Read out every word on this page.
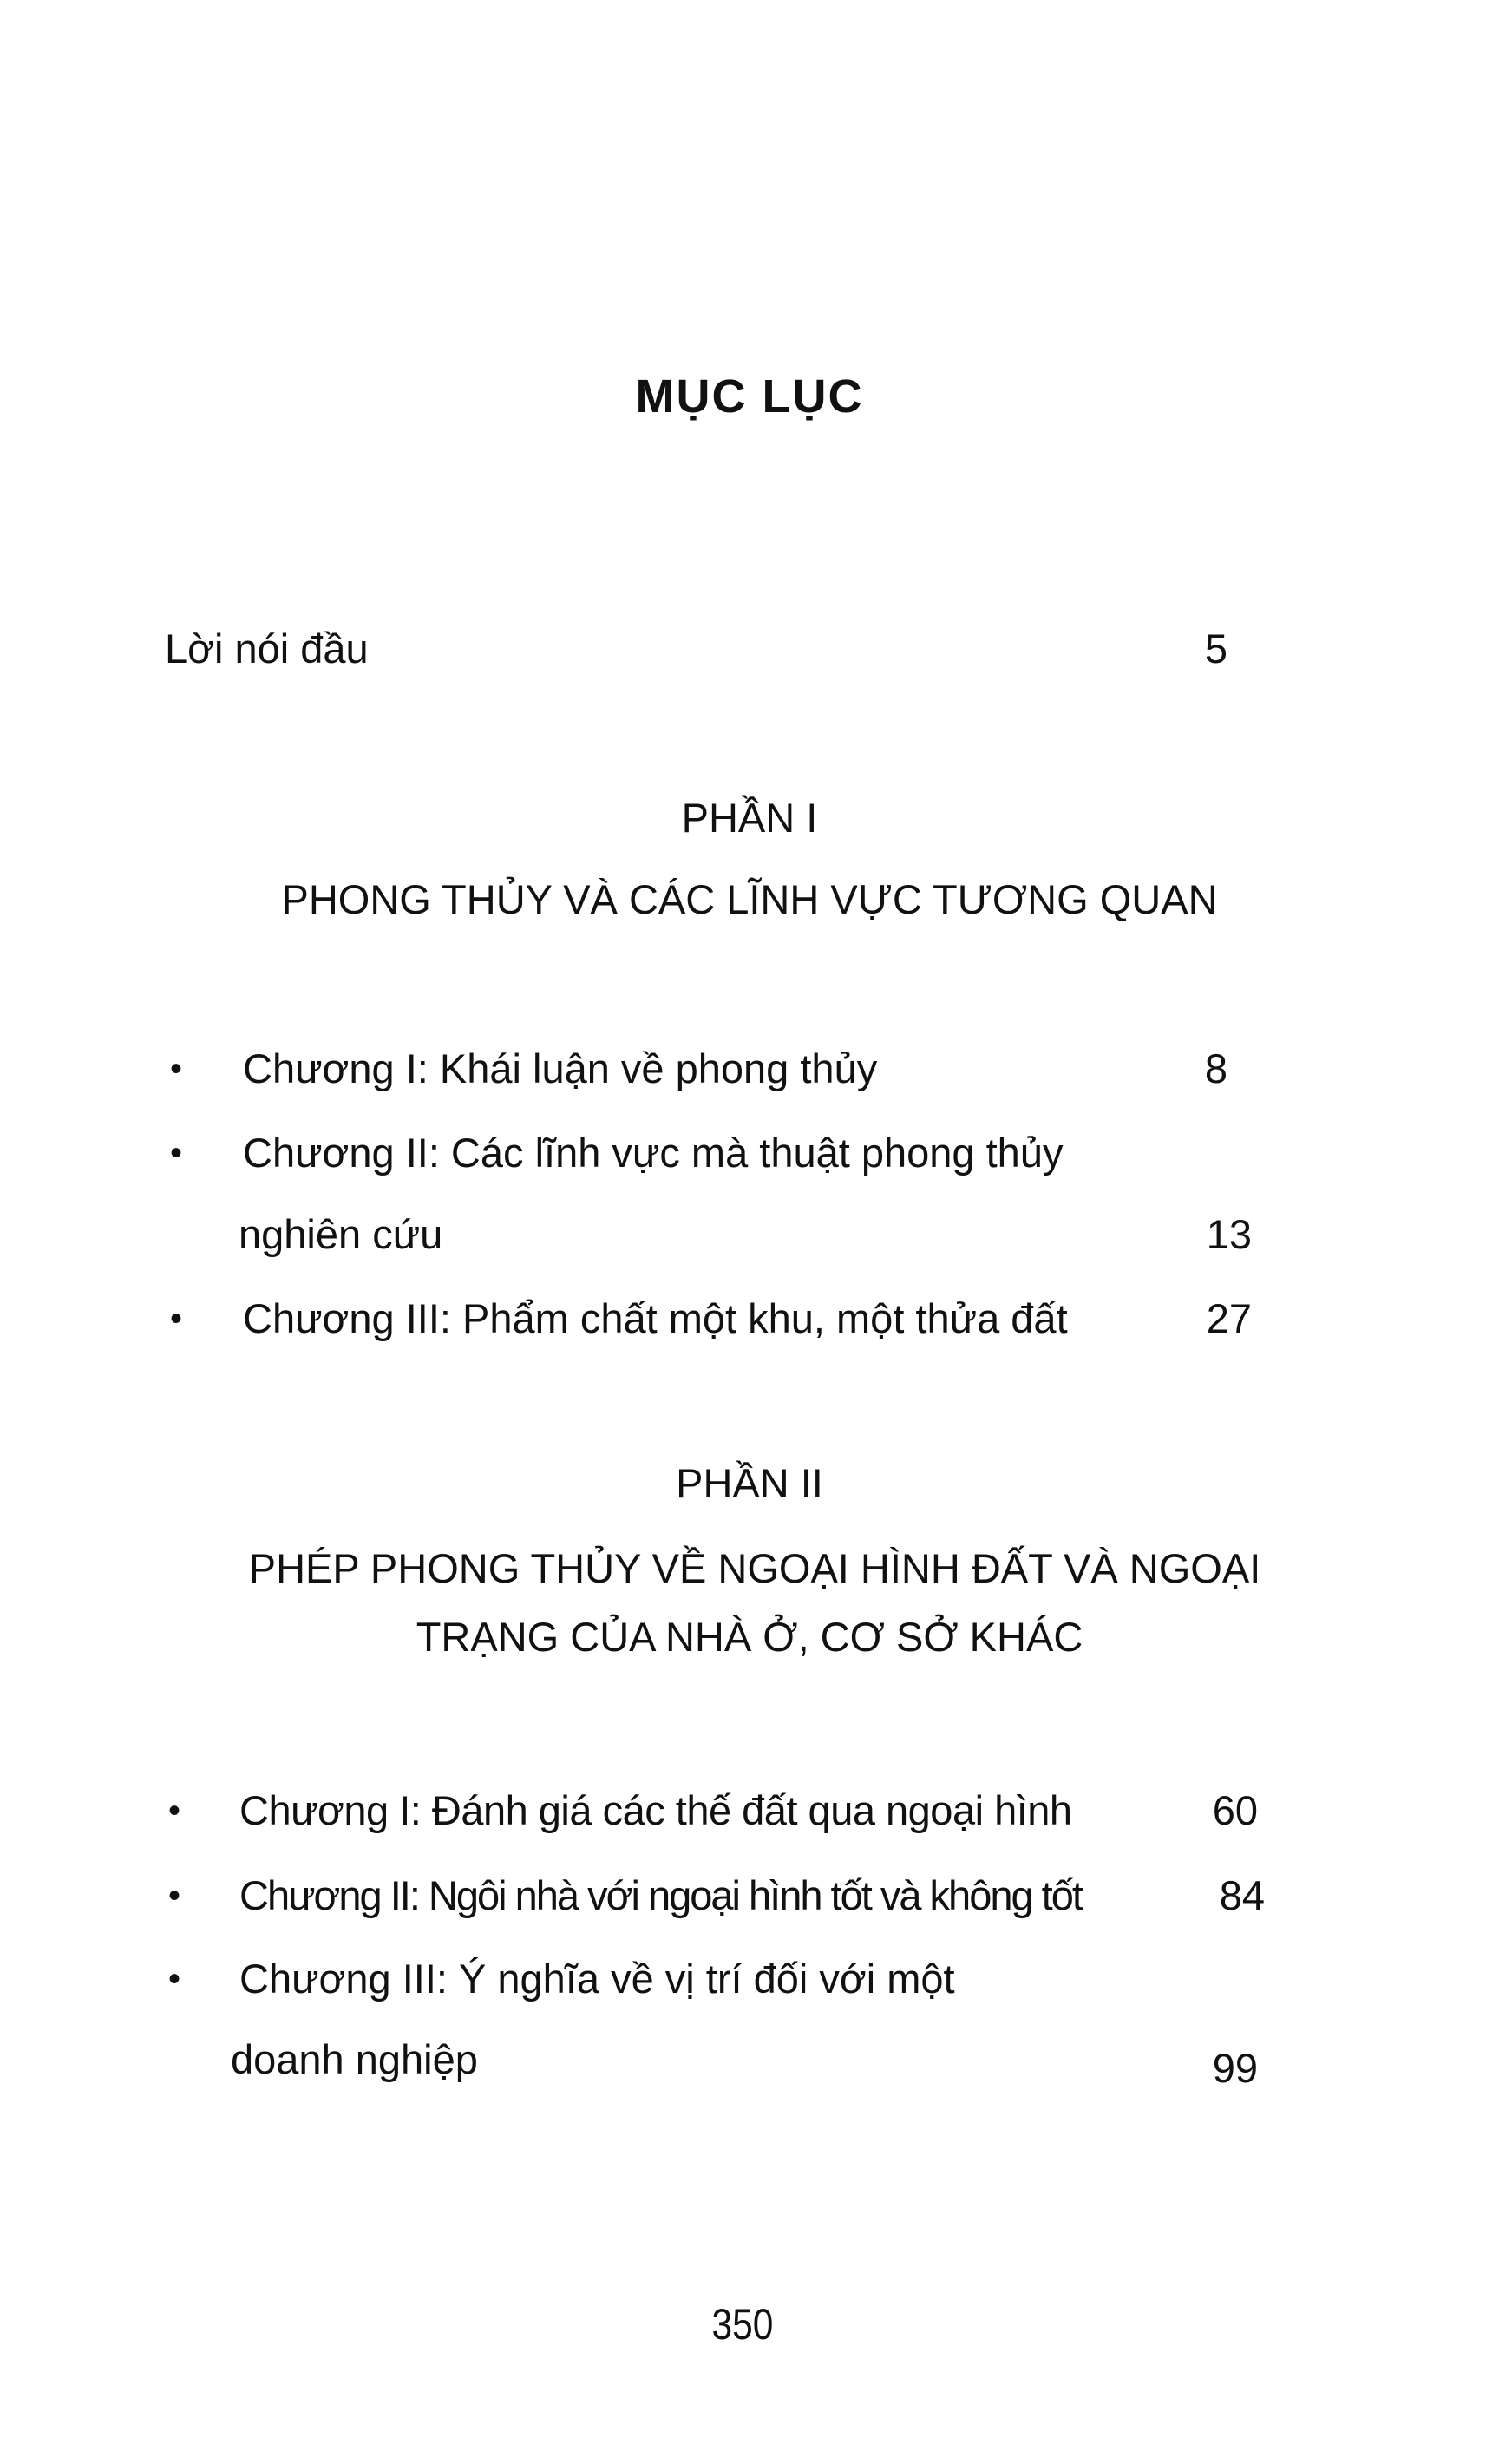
MỤC LỤC
Lời nói đầu	5
PHẦN I
PHONG THỦY VÀ CÁC LĨNH VỰC TƯƠNG QUAN
• Chương I: Khái luận về phong thủy	8
• Chương II: Các lĩnh vực mà thuật phong thủy
nghiên cứu	13
• Chương III: Phẩm chất một khu, một thửa đất	27
PHẦN II
PHÉP PHONG THỦY VỀ NGOẠI HÌNH ĐẤT VÀ NGOẠI
TRẠNG CỦA NHÀ Ở, CƠ SỞ KHÁC
• Chương I: Đánh giá các thế đất qua ngoại hình	60
• Chương II: Ngôi nhà với ngoại hình tốt và không tốt	84
• Chương III: Ý nghĩa về vị trí đối với một
doanh nghiệp	99
350
